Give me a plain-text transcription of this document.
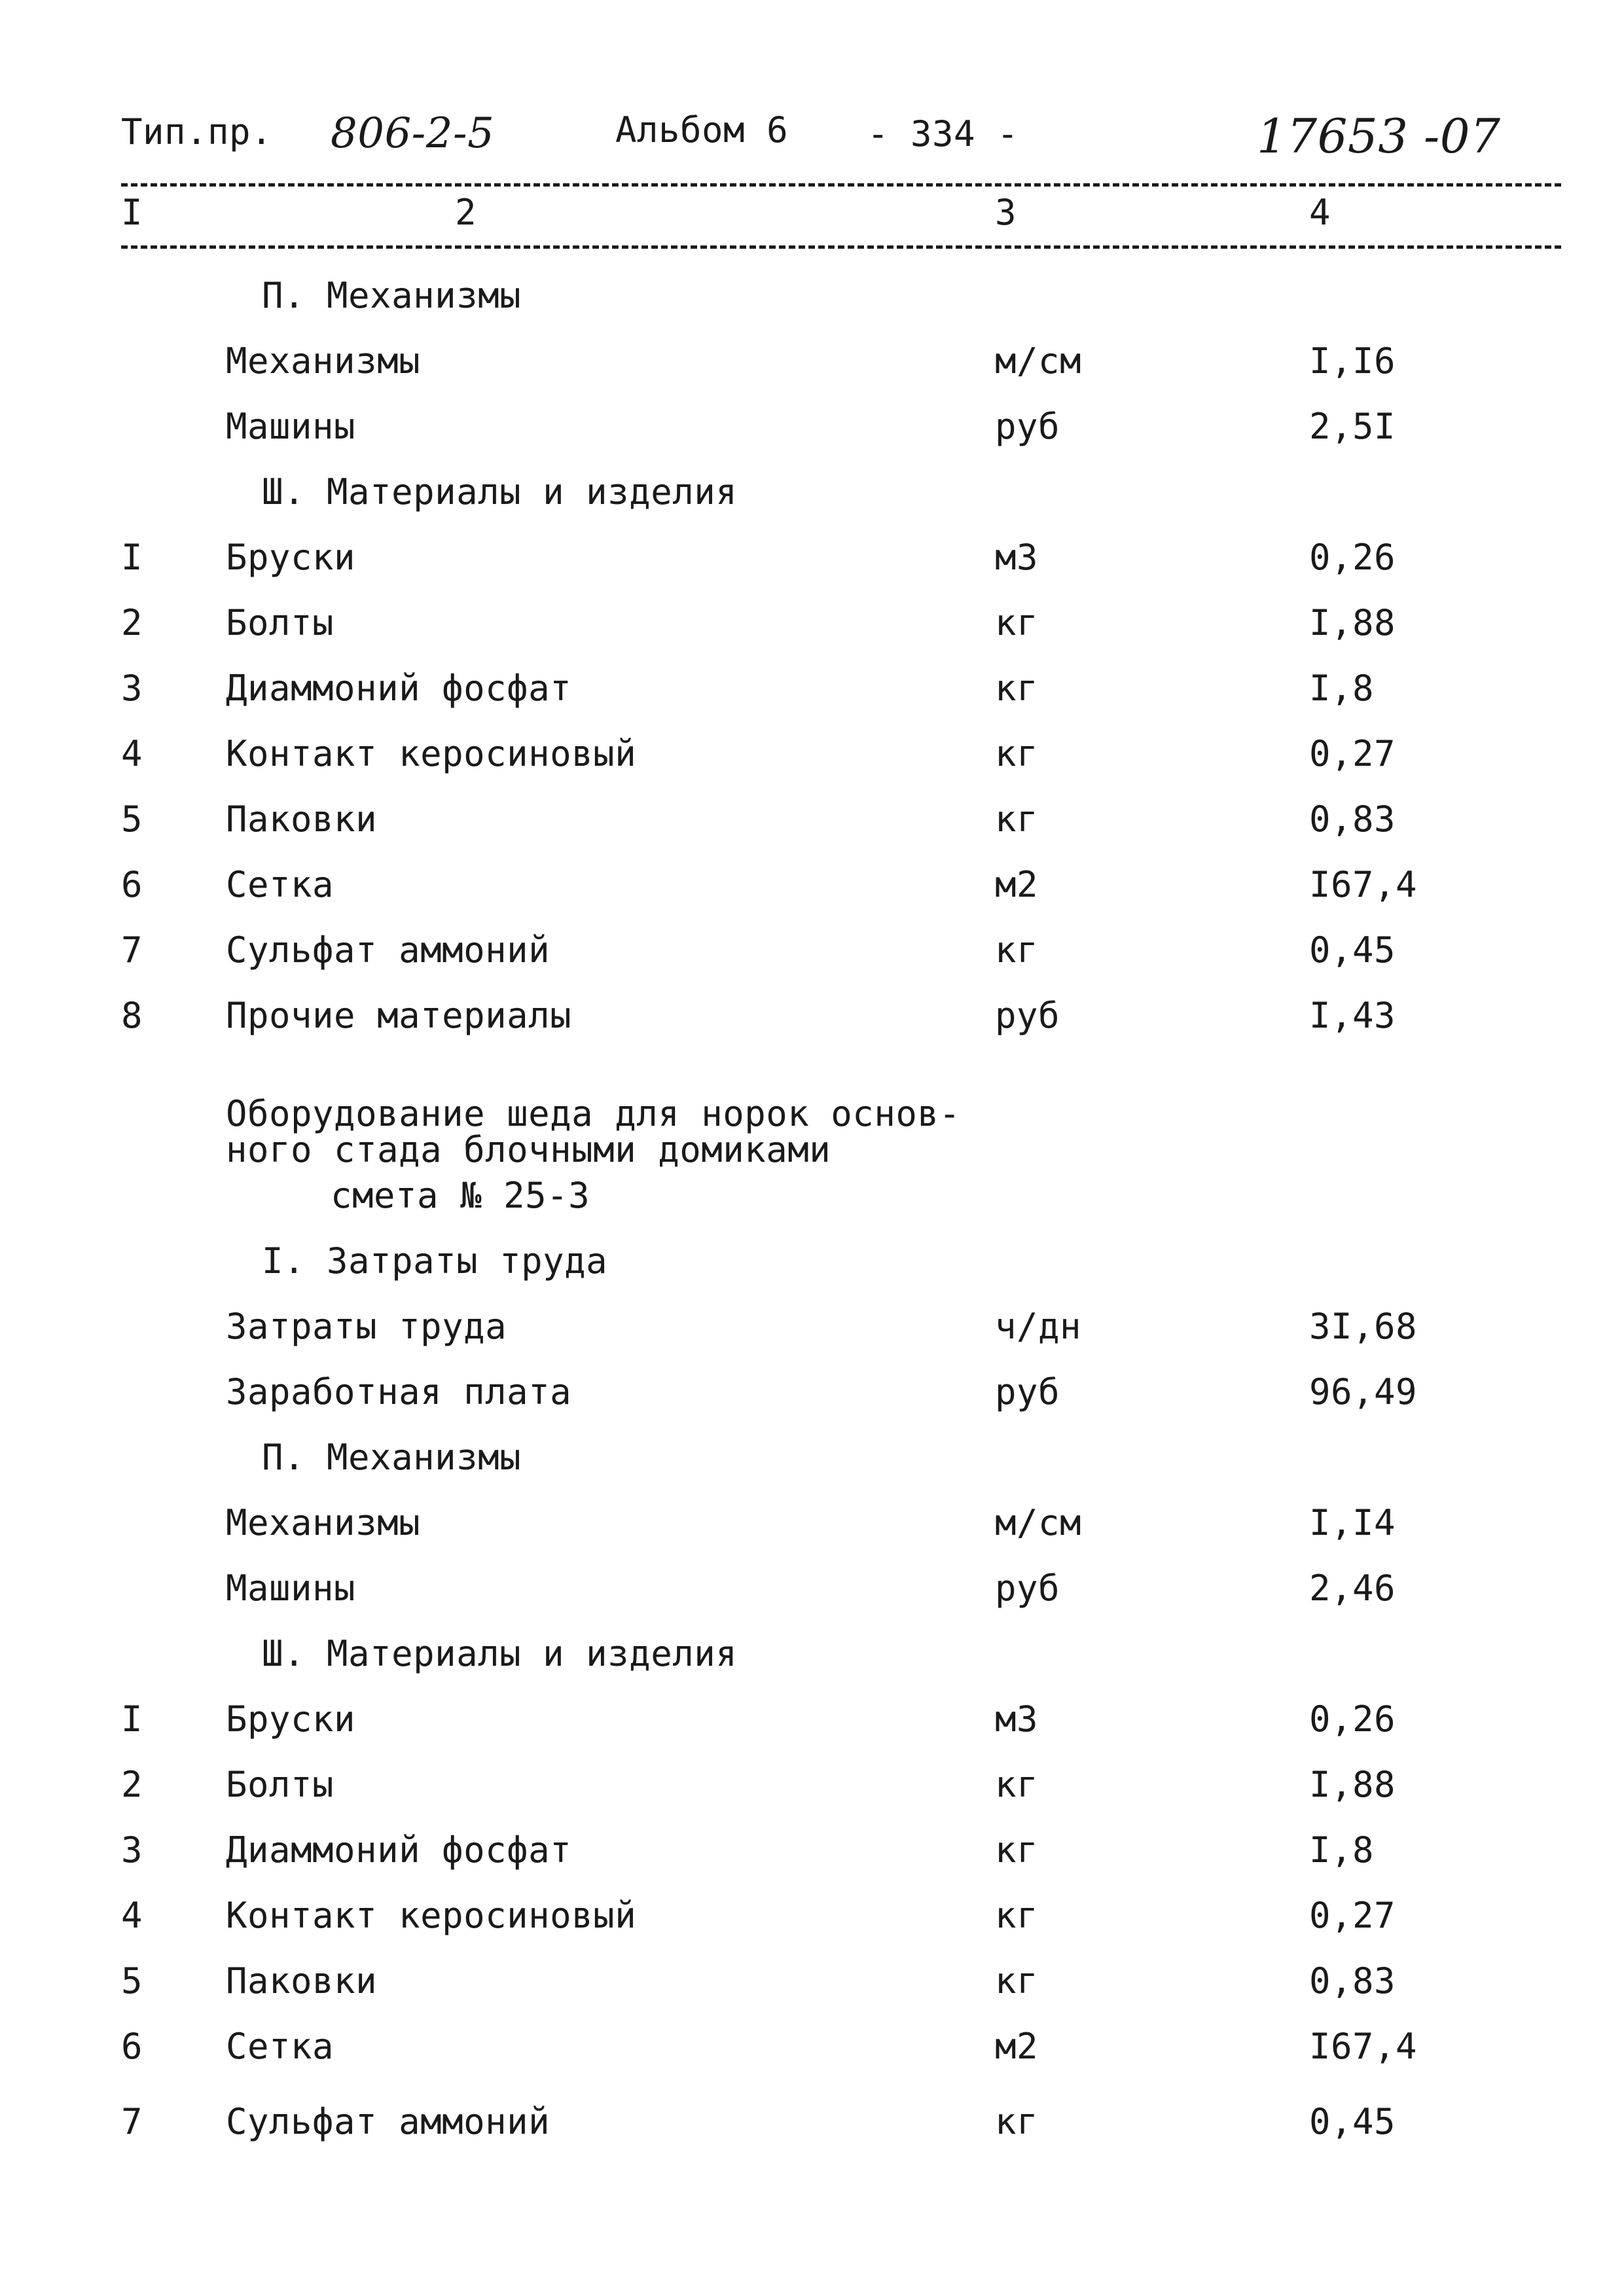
Тип.пр. 806-2-5	Альбом 6 - 334 -	17653 -07
I	2	3	4
П. Механизмы
Механизмы	м/см	I,I6
Машины	руб	2,5I
Ш. Материалы и изделия
I Бруски	м3	0,26
2 Болты	кг	I,88
3 Диаммоний фосфат	кг	I,8
4 Контакт керосиновый	кг	0,27
5 Паковки	кг	0,83
6 Сетка	м2	I67,4
7 Сульфат аммоний	кг	0,45
8 Прочие материалы	руб	I,43
Оборудование шеда для норок основ-
ного стада блочными домиками
смета № 25-3
I. Затраты труда
Затраты труда	ч/дн	3I,68
Заработная плата	руб	96,49
П. Механизмы
Механизмы	м/см	I,I4
Машины	руб	2,46
Ш. Материалы и изделия
I Бруски	м3	0,26
2 Болты	кг	I,88
3 Диаммоний фосфат	кг	I,8
4 Контакт керосиновый	кг	0,27
5 Паковки	кг	0,83
6 Сетка	м2	I67,4
7 Сульфат аммоний	кг	0,45
